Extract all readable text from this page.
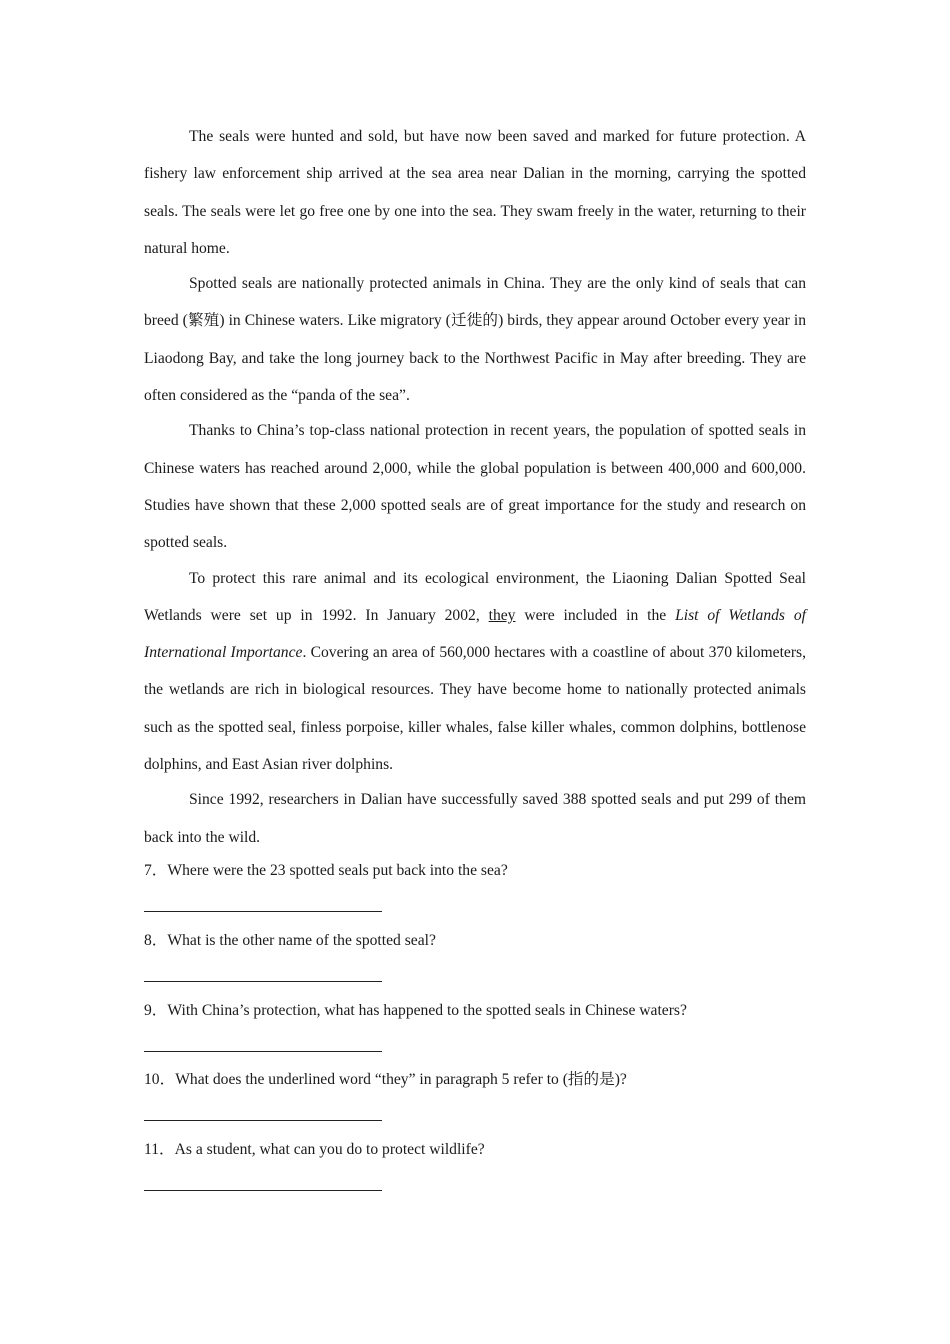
The seals were hunted and sold, but have now been saved and marked for future protection. A fishery law enforcement ship arrived at the sea area near Dalian in the morning, carrying the spotted seals. The seals were let go free one by one into the sea. They swam freely in the water, returning to their natural home.

Spotted seals are nationally protected animals in China. They are the only kind of seals that can breed (繁殖) in Chinese waters. Like migratory (迁徙的) birds, they appear around October every year in Liaodong Bay, and take the long journey back to the Northwest Pacific in May after breeding. They are often considered as the “panda of the sea”.

Thanks to China’s top-class national protection in recent years, the population of spotted seals in Chinese waters has reached around 2,000, while the global population is between 400,000 and 600,000. Studies have shown that these 2,000 spotted seals are of great importance for the study and research on spotted seals.

To protect this rare animal and its ecological environment, the Liaoning Dalian Spotted Seal Wetlands were set up in 1992. In January 2002, they were included in the List of Wetlands of International Importance. Covering an area of 560,000 hectares with a coastline of about 370 kilometers, the wetlands are rich in biological resources. They have become home to nationally protected animals such as the spotted seal, finless porpoise, killer whales, false killer whales, common dolphins, bottlenose dolphins, and East Asian river dolphins.

Since 1992, researchers in Dalian have successfully saved 388 spotted seals and put 299 of them back into the wild.

7．Where were the 23 spotted seals put back into the sea?
8．What is the other name of the spotted seal?
9．With China’s protection, what has happened to the spotted seals in Chinese waters?
10．What does the underlined word “they” in paragraph 5 refer to (指的是)?
11．As a student, what can you do to protect wildlife?
